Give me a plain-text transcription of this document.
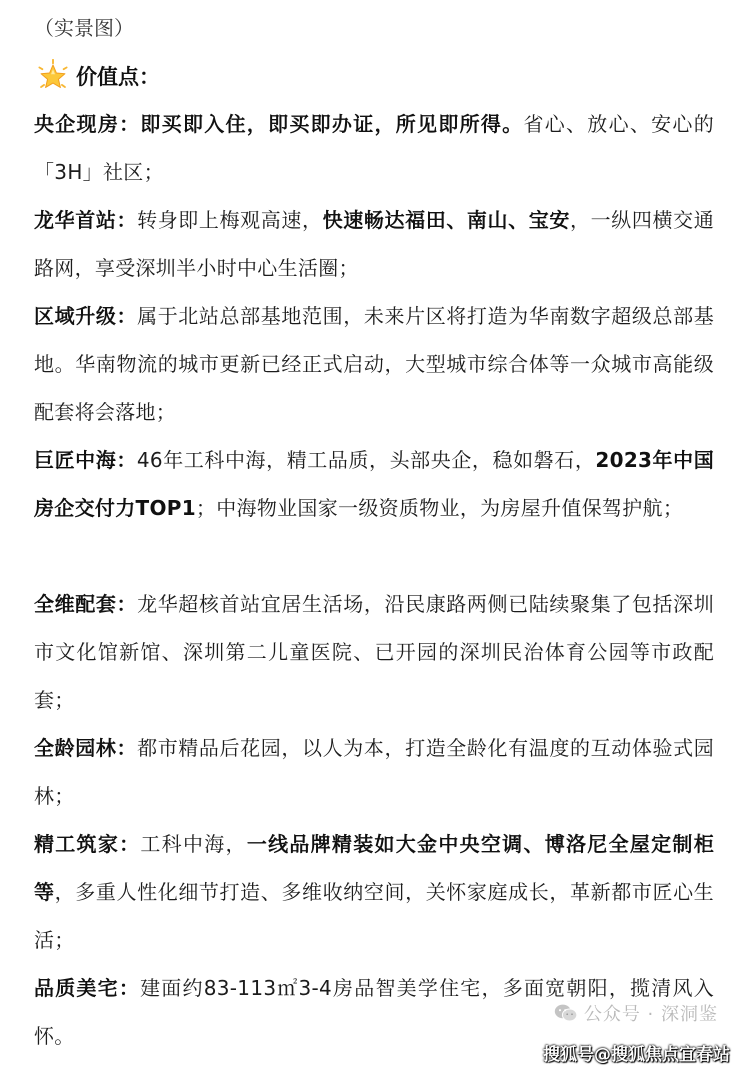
（实景图）
价值点：
央企现房：即买即入住，即买即办证，所见即所得。省心、放心、安心的「3H」社区；
龙华首站：转身即上梅观高速，快速畅达福田、南山、宝安，一纵四横交通路网，享受深圳半小时中心生活圈；
区域升级：属于北站总部基地范围，未来片区将打造为华南数字超级总部基地。华南物流的城市更新已经正式启动，大型城市综合体等一众城市高能级配套将会落地；
巨匠中海：46年工科中海，精工品质，头部央企，稳如磐石，2023年中国房企交付力TOP1；中海物业国家一级资质物业，为房屋升值保驾护航；
全维配套：龙华超核首站宜居生活场，沿民康路两侧已陆续聚集了包括深圳市文化馆新馆、深圳第二儿童医院、已开园的深圳民治体育公园等市政配套；
全龄园林：都市精品后花园，以人为本，打造全龄化有温度的互动体验式园林；
精工筑家：工科中海，一线品牌精装如大金中央空调、博洛尼全屋定制柜等，多重人性化细节打造、多维收纳空间，关怀家庭成长，革新都市匠心生活；
品质美宅：建面约83-113㎡3-4房品智美学住宅，多面宽朝阳，揽清风入怀。
公众号 · 深洞鉴
搜狐号@搜狐焦点宜春站
